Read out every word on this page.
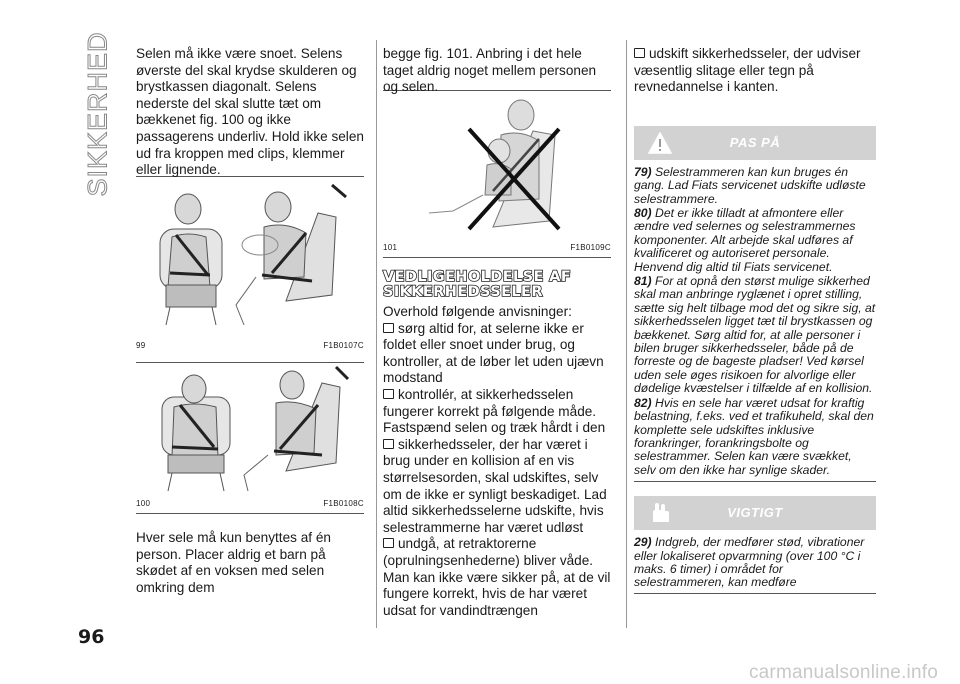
SIKKERHED
96
Selen må ikke være snoet. Selens øverste del skal krydse skulderen og brystkassen diagonalt. Selens nederste del skal slutte tæt om bækkenet fig. 100 og ikke passagerens underliv. Hold ikke selen ud fra kroppen med clips, klemmer eller lignende.
99	F1B0107C
100	F1B0108C
Hver sele må kun benyttes af én person. Placer aldrig et barn på skødet af en voksen med selen omkring dem
begge fig. 101. Anbring i det hele taget aldrig noget mellem personen og selen.
101	F1B0109C
VEDLIGEHOLDELSE AF SIKKERHEDSSELER
Overhold følgende anvisninger:
sørg altid for, at selerne ikke er foldet eller snoet under brug, og kontroller, at de løber let uden ujævn modstand
kontrollér, at sikkerhedsselen fungerer korrekt på følgende måde. Fastspænd selen og træk hårdt i den
sikkerhedsseler, der har været i brug under en kollision af en vis størrelsesorden, skal udskiftes, selv om de ikke er synligt beskadiget. Lad altid sikkerhedsselerne udskifte, hvis selestrammerne har været udløst
undgå, at retraktorerne (oprulningsenhederne) bliver våde. Man kan ikke være sikker på, at de vil fungere korrekt, hvis de har været udsat for vandindtrængen
udskift sikkerhedsseler, der udviser væsentlig slitage eller tegn på revnedannelse i kanten.
PAS PÅ

79) Selestrammeren kan kun bruges én gang. Lad Fiats servicenet udskifte udløste selestrammere.

80) Det er ikke tilladt at afmontere eller ændre ved selernes og selestrammernes komponenter. Alt arbejde skal udføres af kvalificeret og autoriseret personale. Henvend dig altid til Fiats servicenet.

81) For at opnå den størst mulige sikkerhed skal man anbringe ryglænet i opret stilling, sætte sig helt tilbage mod det og sikre sig, at sikkerhedsselen ligget tæt til brystkassen og bækkenet. Sørg altid for, at alle personer i bilen bruger sikkerhedsseler, både på de forreste og de bageste pladser! Ved kørsel uden sele øges risikoen for alvorlige eller dødelige kvæstelser i tilfælde af en kollision.

82) Hvis en sele har været udsat for kraftig belastning, f.eks. ved et trafikuheld, skal den komplette sele udskiftes inklusive forankringer, forankringsbolte og selestrammer. Selen kan være svækket, selv om den ikke har synlige skader.

VIGTIGT

29) Indgreb, der medfører stød, vibrationer eller lokaliseret opvarmning (over 100 °C i maks. 6 timer) i området for selestrammeren, kan medføre

carmanualsonline.info
